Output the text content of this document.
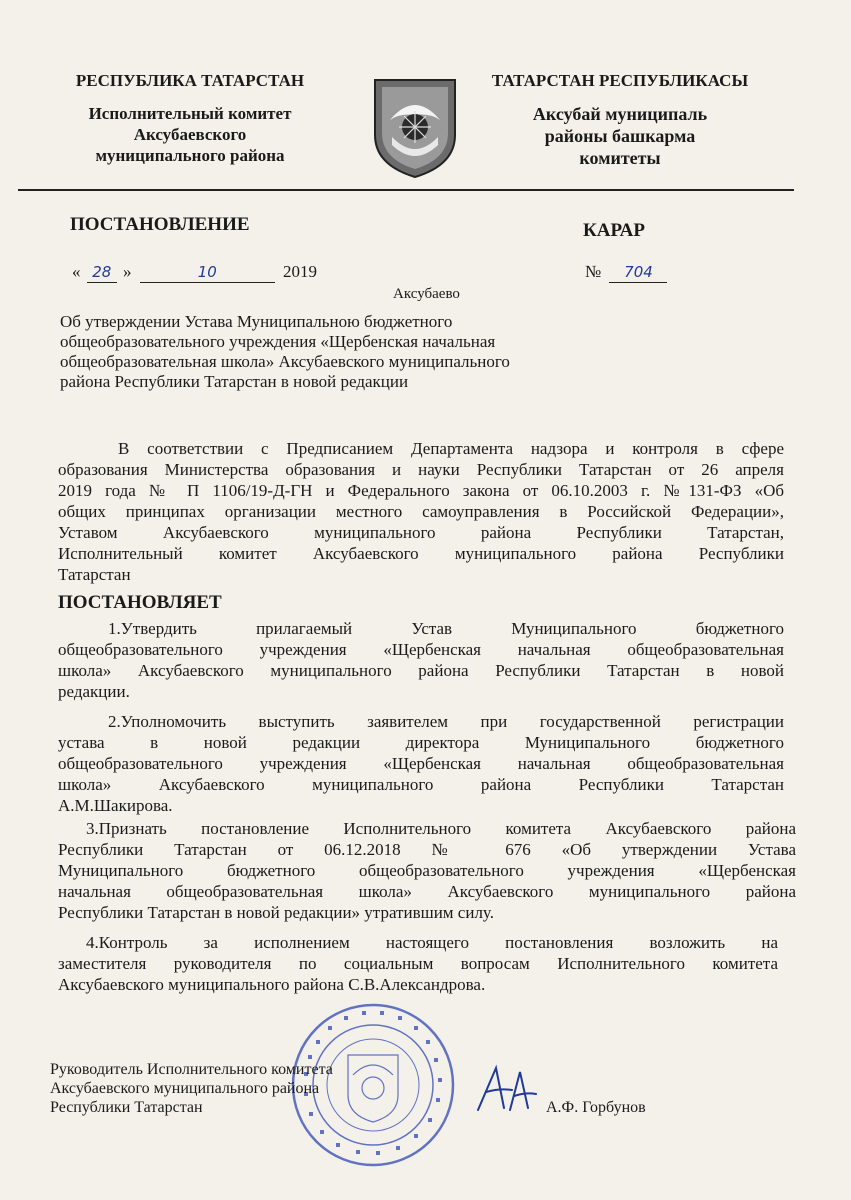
РЕСПУБЛИКА ТАТАРСТАН
Исполнительный комитет
Аксубаевского
муниципального района
ТАТАРСТАН РЕСПУБЛИКАСЫ
Аксубай муниципаль
районы башкарма
комитеты
ПОСТАНОВЛЕНИЕ	КАРАР
« 28 »	10	2019	№ 704
Аксубаево
Об утверждении Устава Муниципальною бюджетного
общеобразовательного учреждения «Щербенская начальная
общеобразовательная школа» Аксубаевского муниципального
района Республики Татарстан в новой редакции
В соответствии с Предписанием Департамента надзора и контроля в сфере
образования Министерства образования и науки Республики Татарстан от 26 апреля
2019 года № П 1106/19-Д-ГН и Федерального закона от 06.10.2003 г. №131-ФЗ «Об
общих принципах организации местного самоуправления в Российской Федерации»,
Уставом Аксубаевского муниципального района Республики Татарстан,
Исполнительный комитет Аксубаевского муниципального района Республики
Татарстан
ПОСТАНОВЛЯЕТ
1.Утвердить прилагаемый Устав Муниципального бюджетного
общеобразовательного учреждения «Щербенская начальная общеобразовательная
школа» Аксубаевского муниципального района Республики Татарстан в новой
редакции.
2.Уполномочить выступить заявителем при государственной регистрации
устава в новой редакции директора Муниципального бюджетного
общеобразовательного учреждения «Щербенская начальная общеобразовательная
школа» Аксубаевского муниципального района Республики Татарстан
А.М.Шакирова.
3.Признать постановление Исполнительного комитета Аксубаевского района
Республики Татарстан от 06.12.2018 № 676 «Об утверждении Устава
Муниципального бюджетного общеобразовательного учреждения «Щербенская
начальная общеобразовательная школа» Аксубаевского муниципального района
Республики Татарстан в новой редакции» утратившим силу.
4.Контроль за исполнением настоящего постановления возложить на
заместителя руководителя по социальным вопросам Исполнительного комитета
Аксубаевского муниципального района С.В.Александрова.
Руководитель Исполнительного комитета
Аксубаевского муниципального района
Республики Татарстан	А.Ф. Горбунов
